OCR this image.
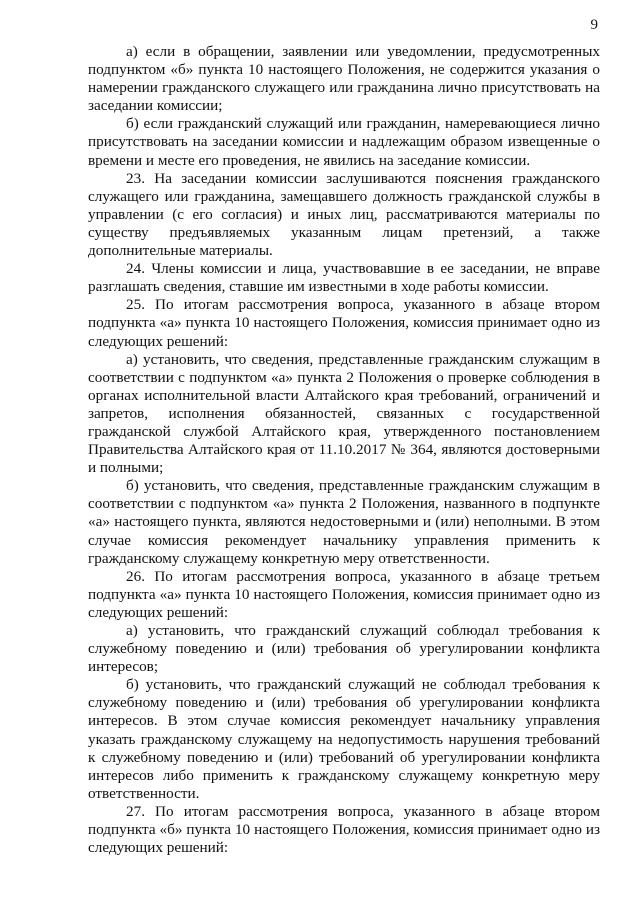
9

а) если в обращении, заявлении или уведомлении, предусмотренных подпунктом «б» пункта 10 настоящего Положения, не содержится указания о намерении гражданского служащего или гражданина лично присутствовать на заседании комиссии;

б) если гражданский служащий или гражданин, намеревающиеся лично присутствовать на заседании комиссии и надлежащим образом извещенные о времени и месте его проведения, не явились на заседание комиссии.

23. На заседании комиссии заслушиваются пояснения гражданского служащего или гражданина, замещавшего должность гражданской службы в управлении (с его согласия) и иных лиц, рассматриваются материалы по существу предъявляемых указанным лицам претензий, а также дополнительные материалы.

24. Члены комиссии и лица, участвовавшие в ее заседании, не вправе разглашать сведения, ставшие им известными в ходе работы комиссии.

25. По итогам рассмотрения вопроса, указанного в абзаце втором подпункта «а» пункта 10 настоящего Положения, комиссия принимает одно из следующих решений:

а) установить, что сведения, представленные гражданским служащим в соответствии с подпунктом «а» пункта 2 Положения о проверке соблюдения в органах исполнительной власти Алтайского края требований, ограничений и запретов, исполнения обязанностей, связанных с государственной гражданской службой Алтайского края, утвержденного постановлением Правительства Алтайского края от 11.10.2017 № 364, являются достоверными и полными;

б) установить, что сведения, представленные гражданским служащим в соответствии с подпунктом «а» пункта 2 Положения, названного в подпункте «а» настоящего пункта, являются недостоверными и (или) неполными. В этом случае комиссия рекомендует начальнику управления применить к гражданскому служащему конкретную меру ответственности.

26. По итогам рассмотрения вопроса, указанного в абзаце третьем подпункта «а» пункта 10 настоящего Положения, комиссия принимает одно из следующих решений:

а) установить, что гражданский служащий соблюдал требования к служебному поведению и (или) требования об урегулировании конфликта интересов;

б) установить, что гражданский служащий не соблюдал требования к служебному поведению и (или) требования об урегулировании конфликта интересов. В этом случае комиссия рекомендует начальнику управления указать гражданскому служащему на недопустимость нарушения требований к служебному поведению и (или) требований об урегулировании конфликта интересов либо применить к гражданскому служащему конкретную меру ответственности.

27. По итогам рассмотрения вопроса, указанного в абзаце втором подпункта «б» пункта 10 настоящего Положения, комиссия принимает одно из следующих решений:
